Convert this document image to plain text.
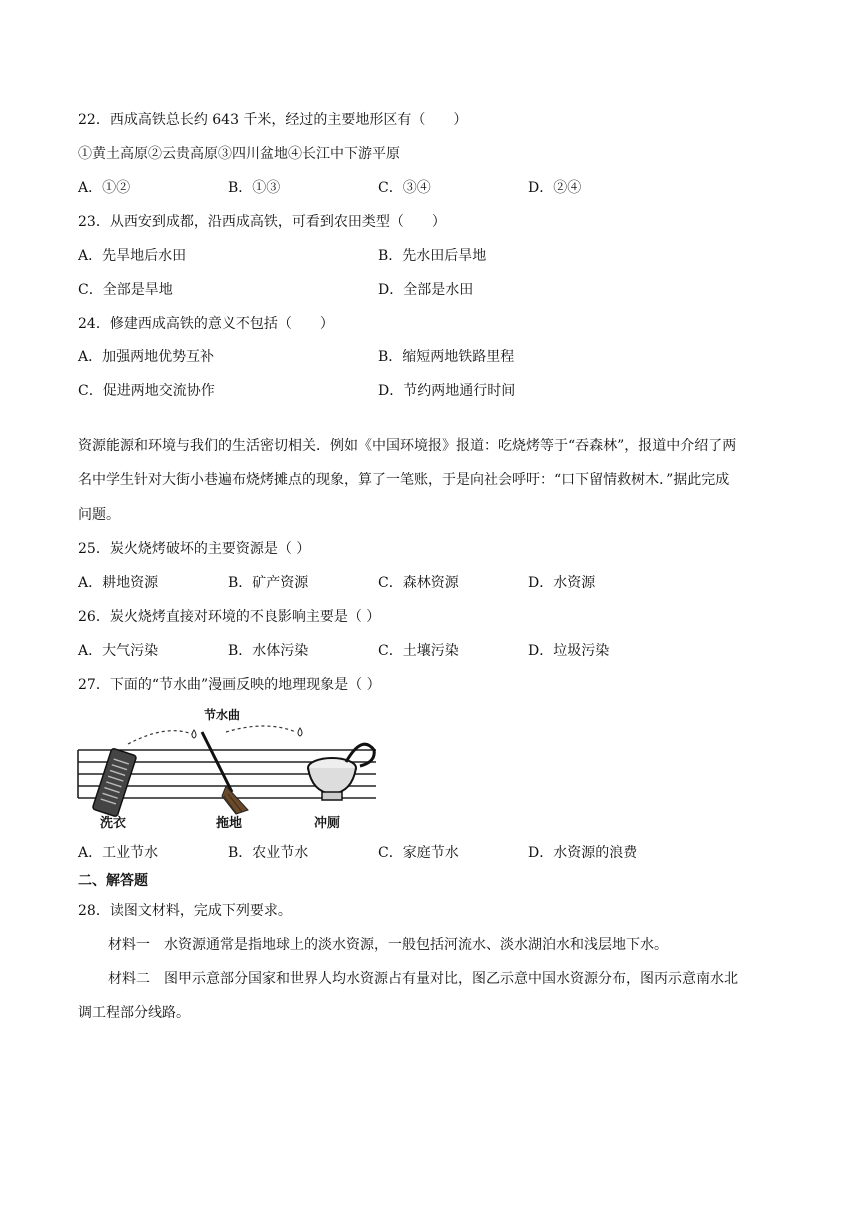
22．西成高铁总长约 643 千米，经过的主要地形区有（　　）
①黄土高原②云贵高原③四川盆地④长江中下游平原
A．①②	B．①③	C．③④	D．②④
23．从西安到成都，沿西成高铁，可看到农田类型（　　）
A．先旱地后水田	B．先水田后旱地
C．全部是旱地	D．全部是水田
24．修建西成高铁的意义不包括（　　）
A．加强两地优势互补	B．缩短两地铁路里程
C．促进两地交流协作	D．节约两地通行时间
资源能源和环境与我们的生活密切相关．例如《中国环境报》报道：吃烧烤等于“吞森林”，报道中介绍了两
名中学生针对大街小巷遍布烧烤摊点的现象，算了一笔账，于是向社会呼吁：“口下留情救树木．”据此完成
问题。
25．炭火烧烤破坏的主要资源是（ ）
A．耕地资源	B．矿产资源	C．森林资源	D．水资源
26．炭火烧烤直接对环境的不良影响主要是（ ）
A．大气污染	B．水体污染	C．土壤污染	D．垃圾污染
27．下面的“节水曲”漫画反映的地理现象是（ ）
节水曲
洗衣	拖地	冲厕
A．工业节水	B．农业节水	C．家庭节水	D．水资源的浪费
二、解答题
28．读图文材料，完成下列要求。
材料一　水资源通常是指地球上的淡水资源，一般包括河流水、淡水湖泊水和浅层地下水。
材料二　图甲示意部分国家和世界人均水资源占有量对比，图乙示意中国水资源分布，图丙示意南水北
调工程部分线路。
